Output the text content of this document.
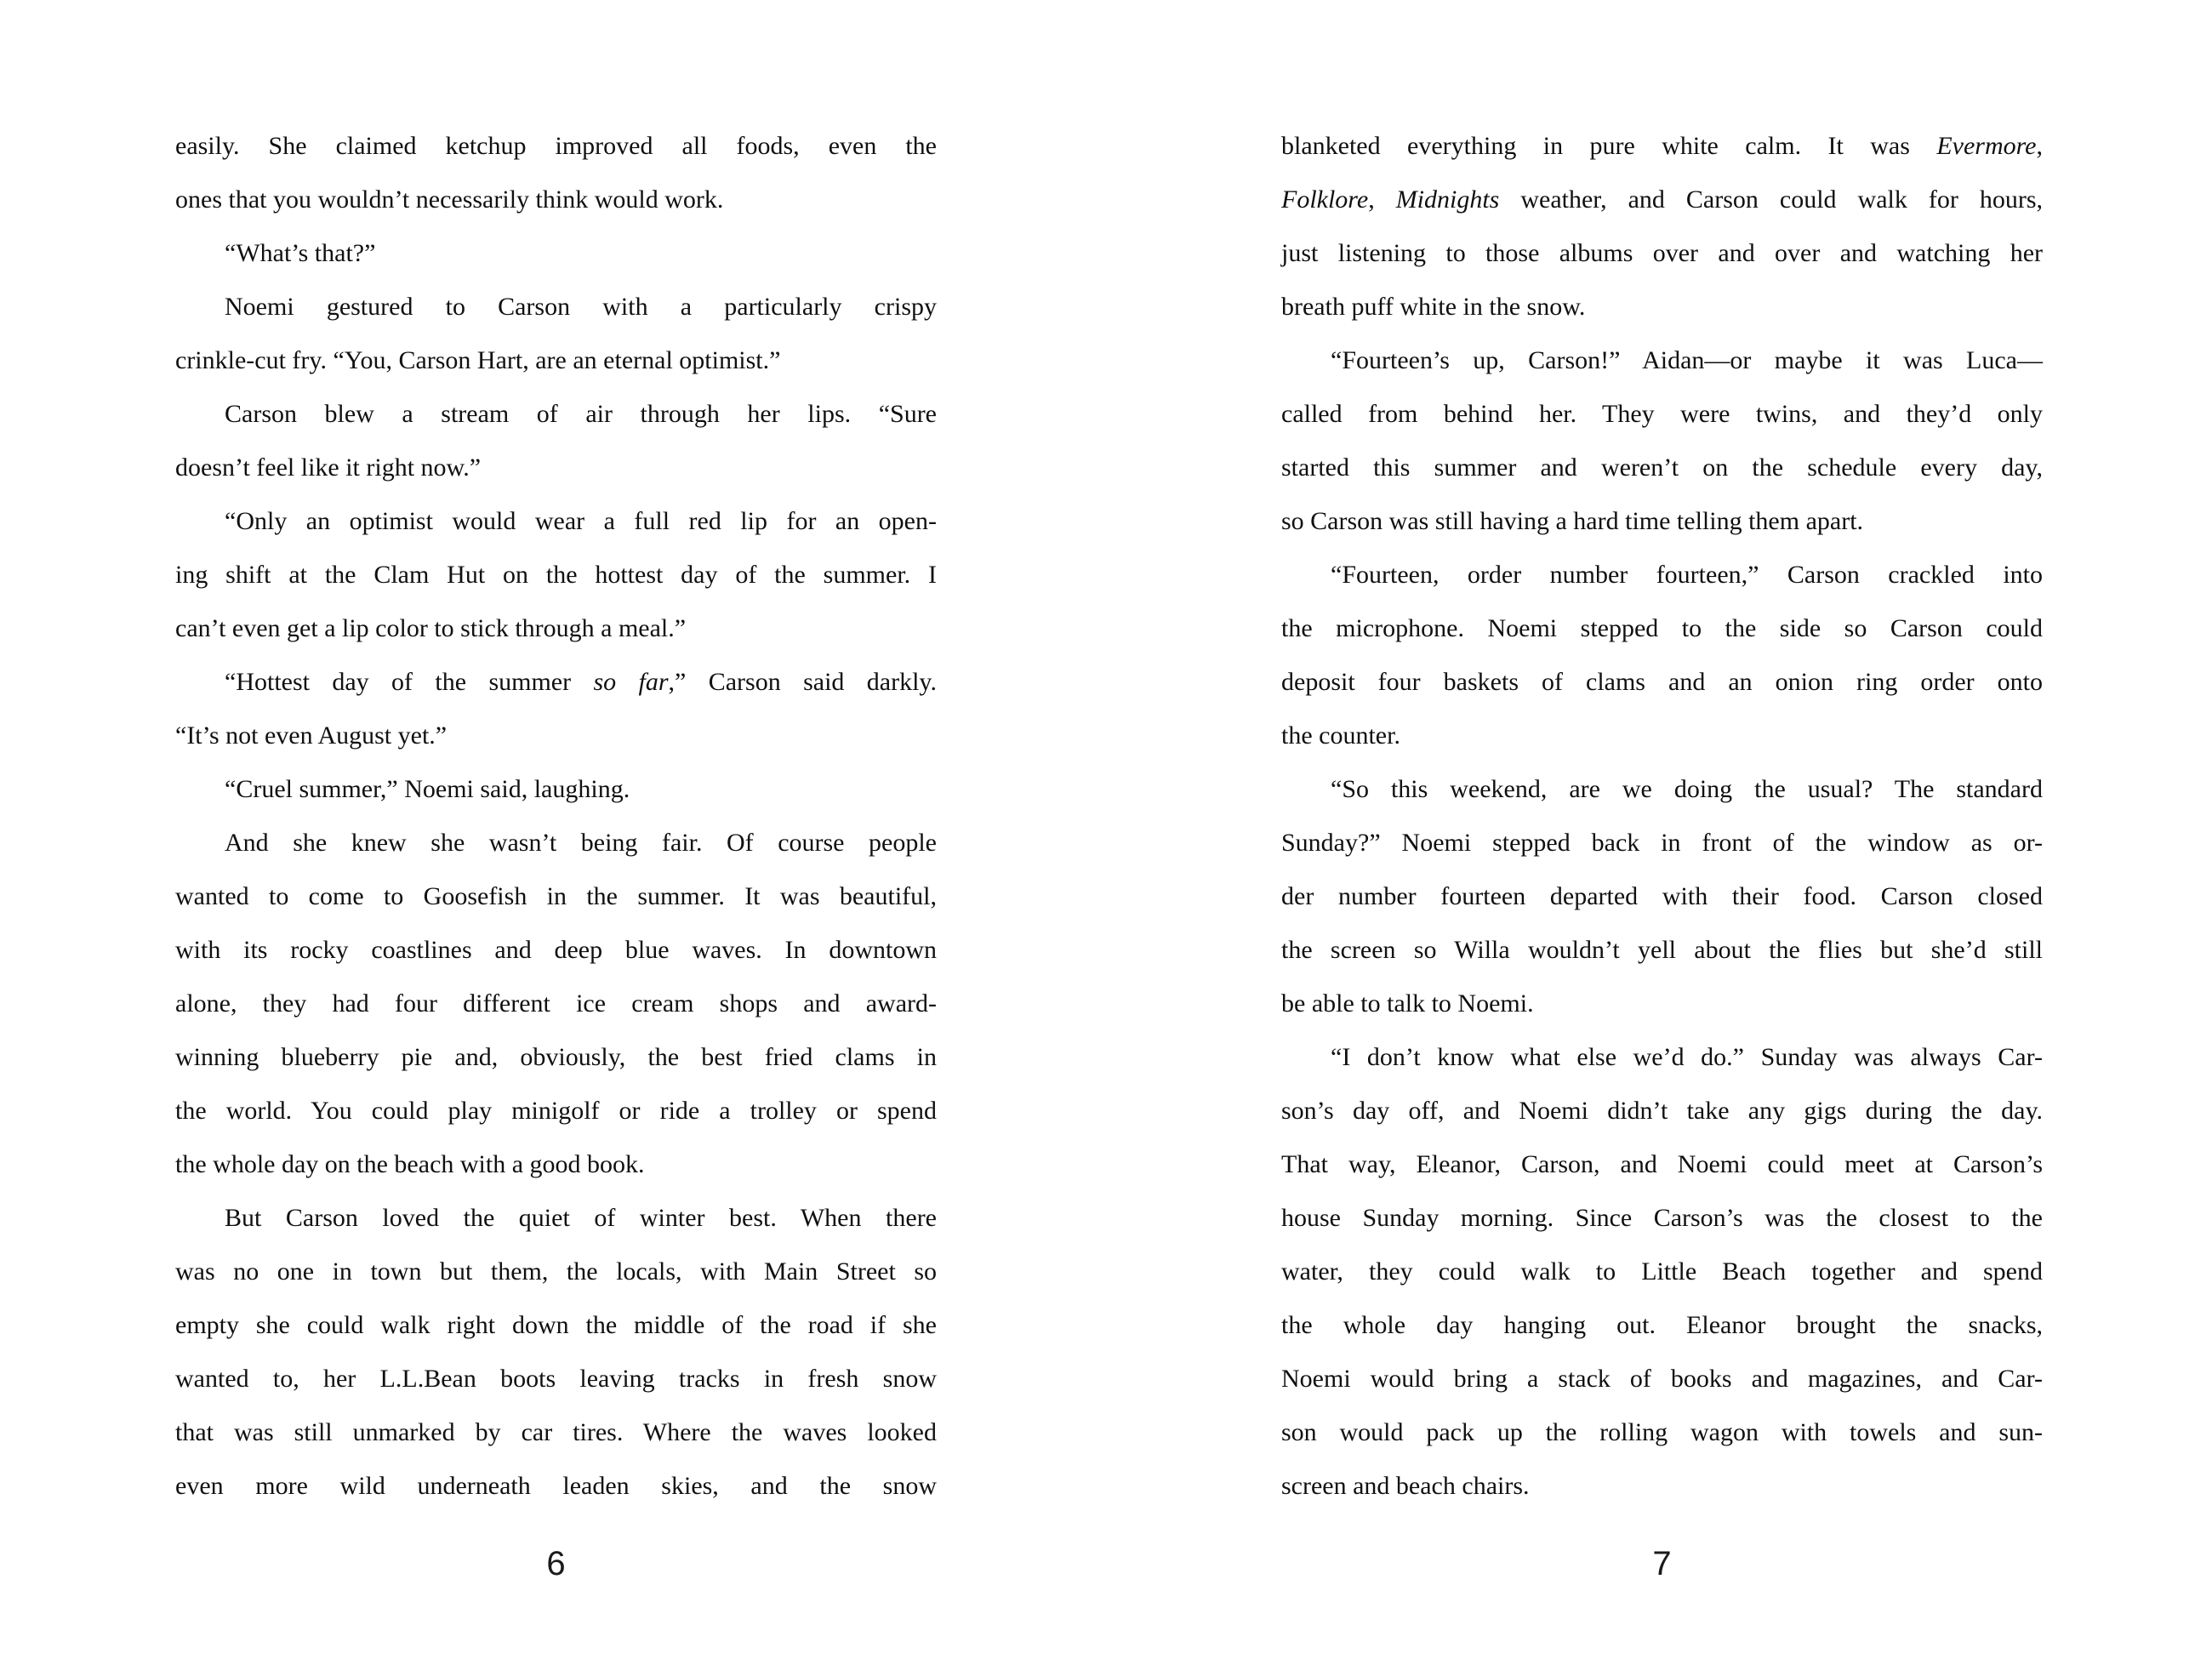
easily. She claimed ketchup improved all foods, even the
ones that you wouldn’t necessarily think would work.
“What’s that?”
Noemi gestured to Carson with a particularly crispy
crinkle-cut fry. “You, Carson Hart, are an eternal optimist.”
Carson blew a stream of air through her lips. “Sure
doesn’t feel like it right now.”
“Only an optimist would wear a full red lip for an open-
ing shift at the Clam Hut on the hottest day of the summer. I
can’t even get a lip color to stick through a meal.”
“Hottest day of the summer so far,” Carson said darkly.
“It’s not even August yet.”
“Cruel summer,” Noemi said, laughing.
And she knew she wasn’t being fair. Of course people
wanted to come to Goosefish in the summer. It was beautiful,
with its rocky coastlines and deep blue waves. In downtown
alone, they had four different ice cream shops and award-
winning blueberry pie and, obviously, the best fried clams in
the world. You could play minigolf or ride a trolley or spend
the whole day on the beach with a good book.
But Carson loved the quiet of winter best. When there
was no one in town but them, the locals, with Main Street so
empty she could walk right down the middle of the road if she
wanted to, her L.L.Bean boots leaving tracks in fresh snow
that was still unmarked by car tires. Where the waves looked
even more wild underneath leaden skies, and the snow
6
blanketed everything in pure white calm. It was Evermore,
Folklore, Midnights weather, and Carson could walk for hours,
just listening to those albums over and over and watching her
breath puff white in the snow.
“Fourteen’s up, Carson!” Aidan—or maybe it was Luca—
called from behind her. They were twins, and they’d only
started this summer and weren’t on the schedule every day,
so Carson was still having a hard time telling them apart.
“Fourteen, order number fourteen,” Carson crackled into
the microphone. Noemi stepped to the side so Carson could
deposit four baskets of clams and an onion ring order onto
the counter.
“So this weekend, are we doing the usual? The standard
Sunday?” Noemi stepped back in front of the window as or-
der number fourteen departed with their food. Carson closed
the screen so Willa wouldn’t yell about the flies but she’d still
be able to talk to Noemi.
“I don’t know what else we’d do.” Sunday was always Car-
son’s day off, and Noemi didn’t take any gigs during the day.
That way, Eleanor, Carson, and Noemi could meet at Carson’s
house Sunday morning. Since Carson’s was the closest to the
water, they could walk to Little Beach together and spend
the whole day hanging out. Eleanor brought the snacks,
Noemi would bring a stack of books and magazines, and Car-
son would pack up the rolling wagon with towels and sun-
screen and beach chairs.
7
